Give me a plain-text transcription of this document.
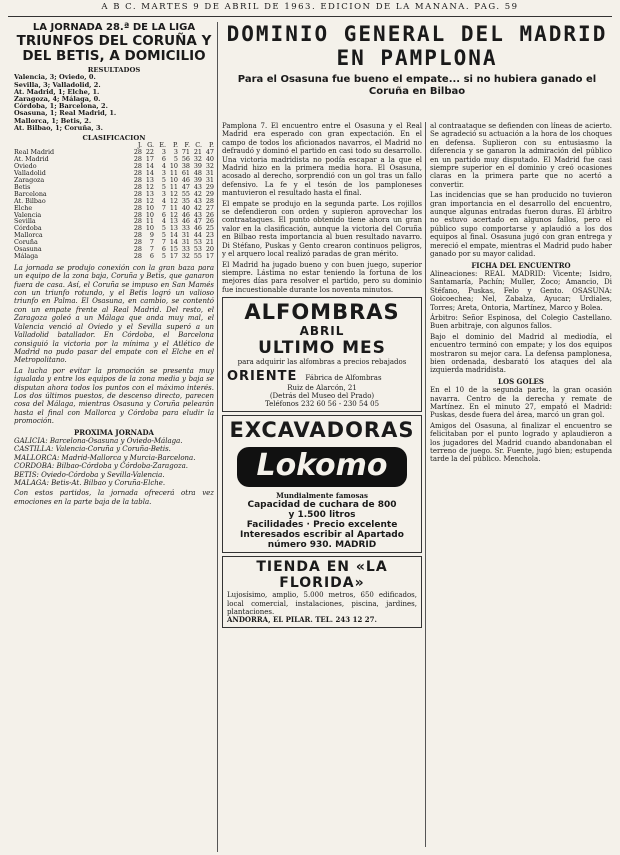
A B C. MARTES 9 DE ABRIL DE 1963. EDICION DE LA MAÑANA. PAG. 59

LA JORNADA 28.ª DE LA LIGA

TRIUNFOS DEL CORUÑA Y DEL BETIS, A DOMICILIO

RESULTADOS

Valencia, 3; Oviedo, 0.
Sevilla, 3; Valladolid, 2.
At. Madrid, 1; Elche, 1.
Zaragoza, 4; Málaga, 0.
Córdoba, 1; Barcelona, 2.
Osasuna, 1; Real Madrid, 1.
Mallorca, 1; Betis, 2.
At. Bilbao, 1; Coruña, 3.

CLASIFICACION

	J.	G.	E.	P.	F.	C.	P.
Real Madrid	28	22	3	3	71	21	47
At. Madrid	28	17	6	5	56	32	40
Oviedo	28	14	4	10	38	39	32
Valladolid	28	14	3	11	61	48	31
Zaragoza	28	13	5	10	46	39	31
Betis	28	12	5	11	47	43	29
Barcelona	28	13	3	12	55	42	29
At. Bilbao	28	12	4	12	35	43	28
Elche	28	10	7	11	40	42	27
Valencia	28	10	6	12	46	43	26
Sevilla	28	11	4	13	46	47	26
Córdoba	28	10	5	13	33	46	25
Mallorca	28	9	5	14	31	44	23
Coruña	28	7	7	14	31	53	21
Osasuna	28	7	6	15	33	53	20
Málaga	28	6	5	17	32	55	17

La jornada se produjo conexión con la gran baza para un equipo de la zona baja, Coruña y Betis, que ganaron fuera de casa. Así, el Coruña se impuso en San Mamés con un triunfo rotundo, y el Betis logró un valioso triunfo en Palma. El Osasuna, en cambio, se contentó con un empate frente al Real Madrid. Del resto, el Zaragoza goleó a un Málaga que anda muy mal, el Valencia venció al Oviedo y el Sevilla superó a un Valladolid batallador. En Córdoba, el Barcelona consiguió la victoria por la mínima y el Atlético de Madrid no pudo pasar del empate con el Elche en el Metropolitano.

La lucha por evitar la promoción se presenta muy igualada y entre los equipos de la zona media y baja se disputan ahora todos los puntos con el máximo interés. Los dos últimos puestos, de descenso directo, parecen cosa del Málaga, mientras Osasuna y Coruña pelearán hasta el final con Mallorca y Córdoba para eludir la promoción.

PROXIMA JORNADA

GALICIA: Barcelona-Osasuna y Oviedo-Málaga.
CASTILLA: Valencia-Coruña y Coruña-Betis.
MALLORCA: Madrid-Mallorca y Murcia-Barcelona.
CORDOBA: Bilbao-Córdoba y Córdoba-Zaragoza.
BETIS: Oviedo-Córdoba y Sevilla-Valencia.
MALAGA: Betis-At. Bilbao y Coruña-Elche.

Con estos partidos, la jornada ofrecerá otra vez emociones en la parte baja de la tabla.

DOMINIO GENERAL DEL MADRID

EN PAMPLONA

Para el Osasuna fue bueno el empate... si no hubiera ganado el Coruña en Bilbao

Pamplona 7. El encuentro entre el Osasuna y el Real Madrid era esperado con gran expectación. En el campo de todos los aficionados navarros, el Madrid no defraudó y dominó el partido en casi todo su desarrollo. Una victoria madridista no podía escapar a la que el Madrid hizo en la primera media hora. El Osasuna, acosado al derecho, sorprendió con un gol tras un fallo defensivo. La fe y el tesón de los pamploneses mantuvieron el resultado hasta el final.

El empate se produjo en la segunda parte. Los rojillos se defendieron con orden y supieron aprovechar los contraataques. El punto obtenido tiene ahora un gran valor en la clasificación, aunque la victoria del Coruña en Bilbao resta importancia al buen resultado navarro. Di Stéfano, Puskas y Gento crearon continuos peligros, y el arquero local realizó paradas de gran mérito.

El Madrid ha jugado bueno y con buen juego, superior siempre. Lástima no estar teniendo la fortuna de los mejores días para resolver el partido, pero su dominio fue incuestionable durante los noventa minutos.

ALFOMBRAS
ABRIL
ULTIMO MES
para adquirir las alfombras a precios rebajados
ORIENTE Fábrica de Alfombras
Ruiz de Alarcón, 21
(Detrás del Museo del Prado)
Teléfonos 232 60 56 - 230 54 05
EXCAVADORAS
Lokomo
Mundialmente famosas
Capacidad de cuchara de 800
y 1.500 litros
Facilidades · Precio excelente
Interesados escribir al Apartado
número 930. MADRID
TIENDA EN «LA FLORIDA»
Lujosísimo, amplio, 5.000 metros, 650 edificados, local comercial, instalaciones, piscina, jardines, plantaciones.
ANDORRA, EL PILAR. TEL. 243 12 27.

al contraataque se defienden con líneas de acierto. Se agradeció su actuación a la hora de los choques en defensa. Suplieron con su entusiasmo la diferencia y se ganaron la admiración del público en un partido muy disputado. El Madrid fue casi siempre superior en el dominio y creó ocasiones claras en la primera parte que no acertó a convertir.

Las incidencias que se han producido no tuvieron gran importancia en el desarrollo del encuentro, aunque algunas entradas fueron duras. El árbitro no estuvo acertado en algunos fallos, pero el público supo comportarse y aplaudió a los dos equipos al final. Osasuna jugó con gran entrega y mereció el empate, mientras el Madrid pudo haber ganado por su mayor calidad.

FICHA DEL ENCUENTRO

Alineaciones: REAL MADRID: Vicente; Isidro, Santamaría, Pachín; Muller, Zoco; Amancio, Di Stéfano, Puskas, Felo y Gento. OSASUNA: Goicoechea; Nel, Zabalza, Ayucar; Urdiales, Torres; Areta, Ontoria, Martínez, Marco y Bolea.

Árbitro: Señor Espinosa, del Colegio Castellano. Buen arbitraje, con algunos fallos.

Bajo el dominio del Madrid al mediodía, el encuentro terminó con empate; y los dos equipos mostraron su mejor cara. La defensa pamplonesa, bien ordenada, desbarató los ataques del ala izquierda madridista.

LOS GOLES

En el 10 de la segunda parte, la gran ocasión navarra. Centro de la derecha y remate de Martínez. En el minuto 27, empató el Madrid: Puskas, desde fuera del área, marcó un gran gol.

Amigos del Osasuna, al finalizar el encuentro se felicitaban por el punto logrado y aplaudieron a los jugadores del Madrid cuando abandonaban el terreno de juego. Sr. Fuente, jugó bien; estupenda tarde la del público. Menchola.
